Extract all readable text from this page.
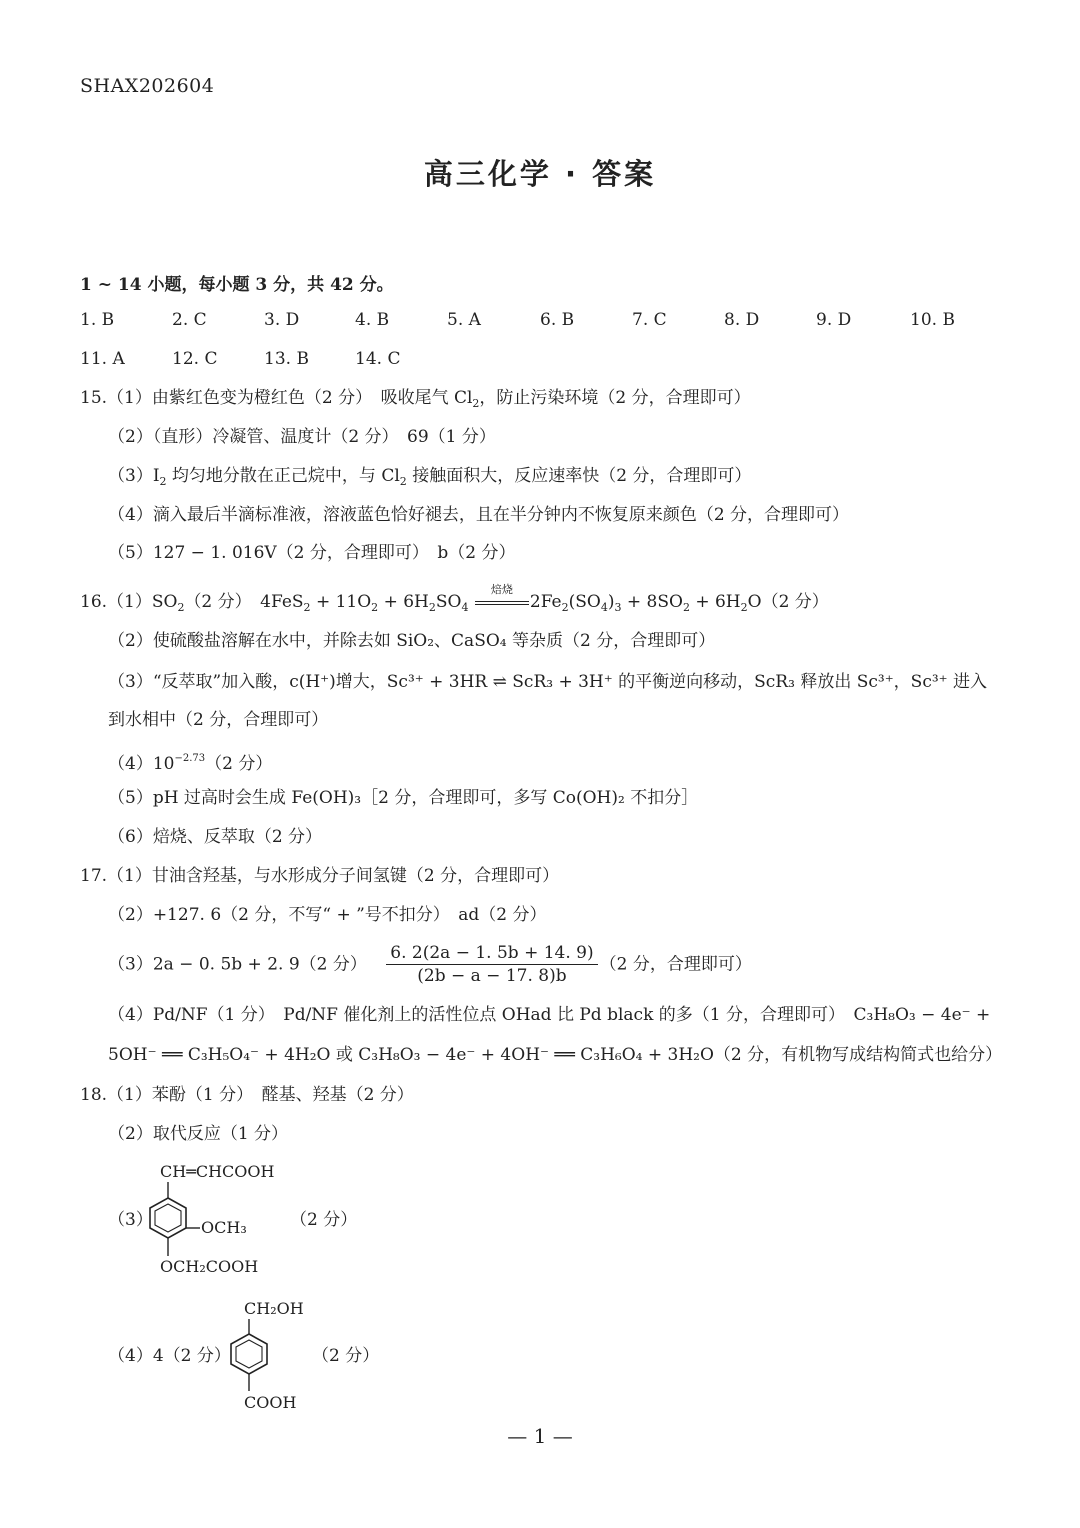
SHAX202604
高三化学 · 答案
1 ~ 14 小题，每小题 3 分，共 42 分。
1. B	2. C	3. D	4. B	5. A	6. B	7. C	8. D	9. D	10. B
11. A	12. C	13. B	14. C
15.（1）由紫红色变为橙红色（2 分）　吸收尾气 $Cl_2$，防止污染环境（2 分，合理即可）
（2）（直形）冷凝管、温度计（2 分）　69（1 分）
$(3)I_2$ 均匀地分散在正己烷中，与 $Cl_2$ 接触面积大，反应速率快（2 分，合理即可）
（4）滴入最后半滴标准液，溶液蓝色恰好褪去，且在半分钟内不恢复原来颜色（2 分，合理即可）
（5）127 − 1. 016V（2 分，合理即可）　b（2 分）
$16.(1)SO_2(2$ 分）　$4FeS_2 + 11O_2 + 6H_2SO_4$
焙烧
$2Fe_2(SO_4)_3 + 8SO_2 + 6H_2O(2$ 分）
（2）使硫酸盐溶解在水中，并除去如 SiO₂、CaSO₄ 等杂质（2 分，合理即可）
（3）“反萃取”加入酸，c(H⁺)增大，Sc³⁺ + 3HR ⇌ ScR₃ + 3H⁺ 的平衡逆向移动，ScR₃ 释放出 Sc³⁺，Sc³⁺ 进入
到水相中（2 分，合理即可）
$(4)10^{-2.73}(2$ 分）
（5）pH 过高时会生成 Fe(OH)₃［2 分，合理即可，多写 Co(OH)₂ 不扣分］
（6）焙烧、反萃取（2 分）
17.（1）甘油含羟基，与水形成分子间氢键（2 分，合理即可）
（2）+127. 6（2 分，不写“ + ”号不扣分）　ad（2 分）
（3）2a − 0. 5b + 2. 9（2 分） $\frac{6. 2(2a - 1. 5b + 14. 9)}{(2b - a - 17. 8)b} (2$ 分，合理即可）
（4）Pd/NF（1 分）　Pd/NF 催化剂上的活性位点 OHad 比 Pd black 的多（1 分，合理即可）　C₃H₈O₃ − 4e⁻ +
5OH⁻ ══ C₃H₅O₄⁻ + 4H₂O 或 C₃H₈O₃ − 4e⁻ + 4OH⁻ ══ C₃H₆O₄ + 3H₂O（2 分，有机物写成结构简式也给分）
18.（1）苯酚（1 分）　醛基、羟基（2 分）
（2）取代反应（1 分）
（3）	（2 分）
CH═CHCOOH
OCH₃
OCH₂COOH
CH₂OH
COOH
（4）4（2 分）	（2 分）
— 1 —
